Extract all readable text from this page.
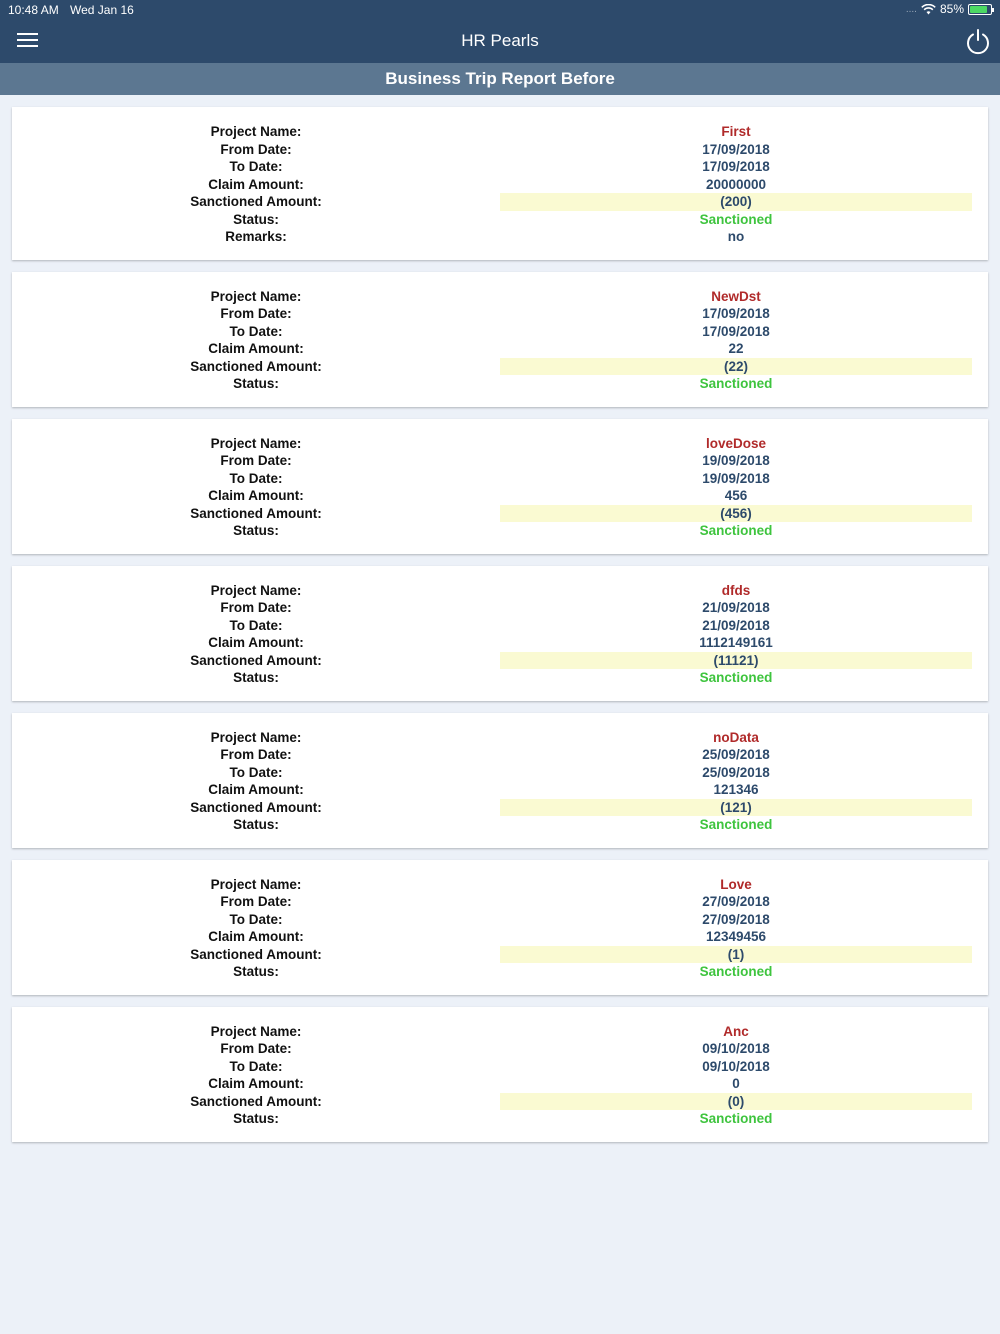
10:48 AM Wed Jan 16	.... 85%
HR Pearls
Business Trip Report Before
Project Name:
From Date:
To Date:
Claim Amount:
Sanctioned Amount:
Status:
Remarks:
First
17/09/2018
17/09/2018
20000000
(200)
Sanctioned
no
Project Name:
From Date:
To Date:
Claim Amount:
Sanctioned Amount:
Status:
NewDst
17/09/2018
17/09/2018
22
(22)
Sanctioned
Project Name:
From Date:
To Date:
Claim Amount:
Sanctioned Amount:
Status:
loveDose
19/09/2018
19/09/2018
456
(456)
Sanctioned
Project Name:
From Date:
To Date:
Claim Amount:
Sanctioned Amount:
Status:
dfds
21/09/2018
21/09/2018
1112149161
(11121)
Sanctioned
Project Name:
From Date:
To Date:
Claim Amount:
Sanctioned Amount:
Status:
noData
25/09/2018
25/09/2018
121346
(121)
Sanctioned
Project Name:
From Date:
To Date:
Claim Amount:
Sanctioned Amount:
Status:
Love
27/09/2018
27/09/2018
12349456
(1)
Sanctioned
Project Name:
From Date:
To Date:
Claim Amount:
Sanctioned Amount:
Status:
Anc
09/10/2018
09/10/2018
0
(0)
Sanctioned
